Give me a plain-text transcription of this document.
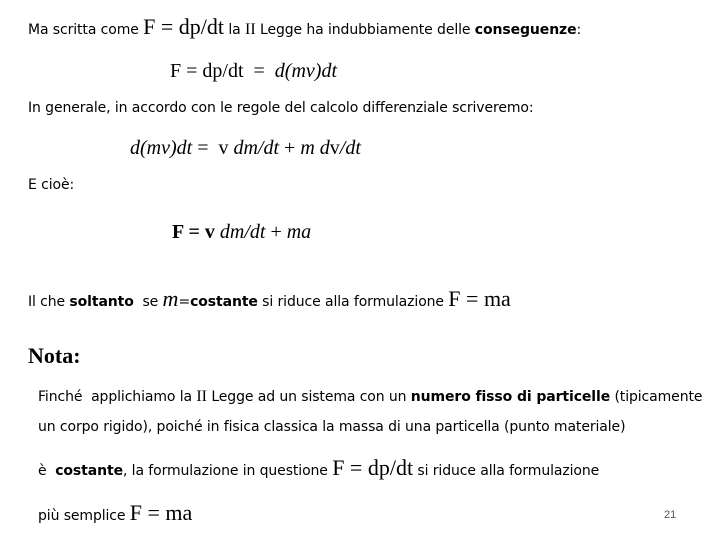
Ma scritta come F = dp/dt la II Legge ha indubbiamente delle conseguenze:
F = dp/dt  =  d(mv)dt
In generale, in accordo con le regole del calcolo differenziale scriveremo:
d(mv)dt =  v dm/dt + m dv/dt
E cioè:
F = v dm/dt + ma
Il che soltanto  se m=costante si riduce alla formulazione F = ma
Nota:
Finché  applichiamo la II Legge ad un sistema con un numero fisso di particelle (tipicamente
un corpo rigido), poiché in fisica classica la massa di una particella (punto materiale)
è  costante, la formulazione in questione F = dp/dt si riduce alla formulazione
più semplice F = ma	21
